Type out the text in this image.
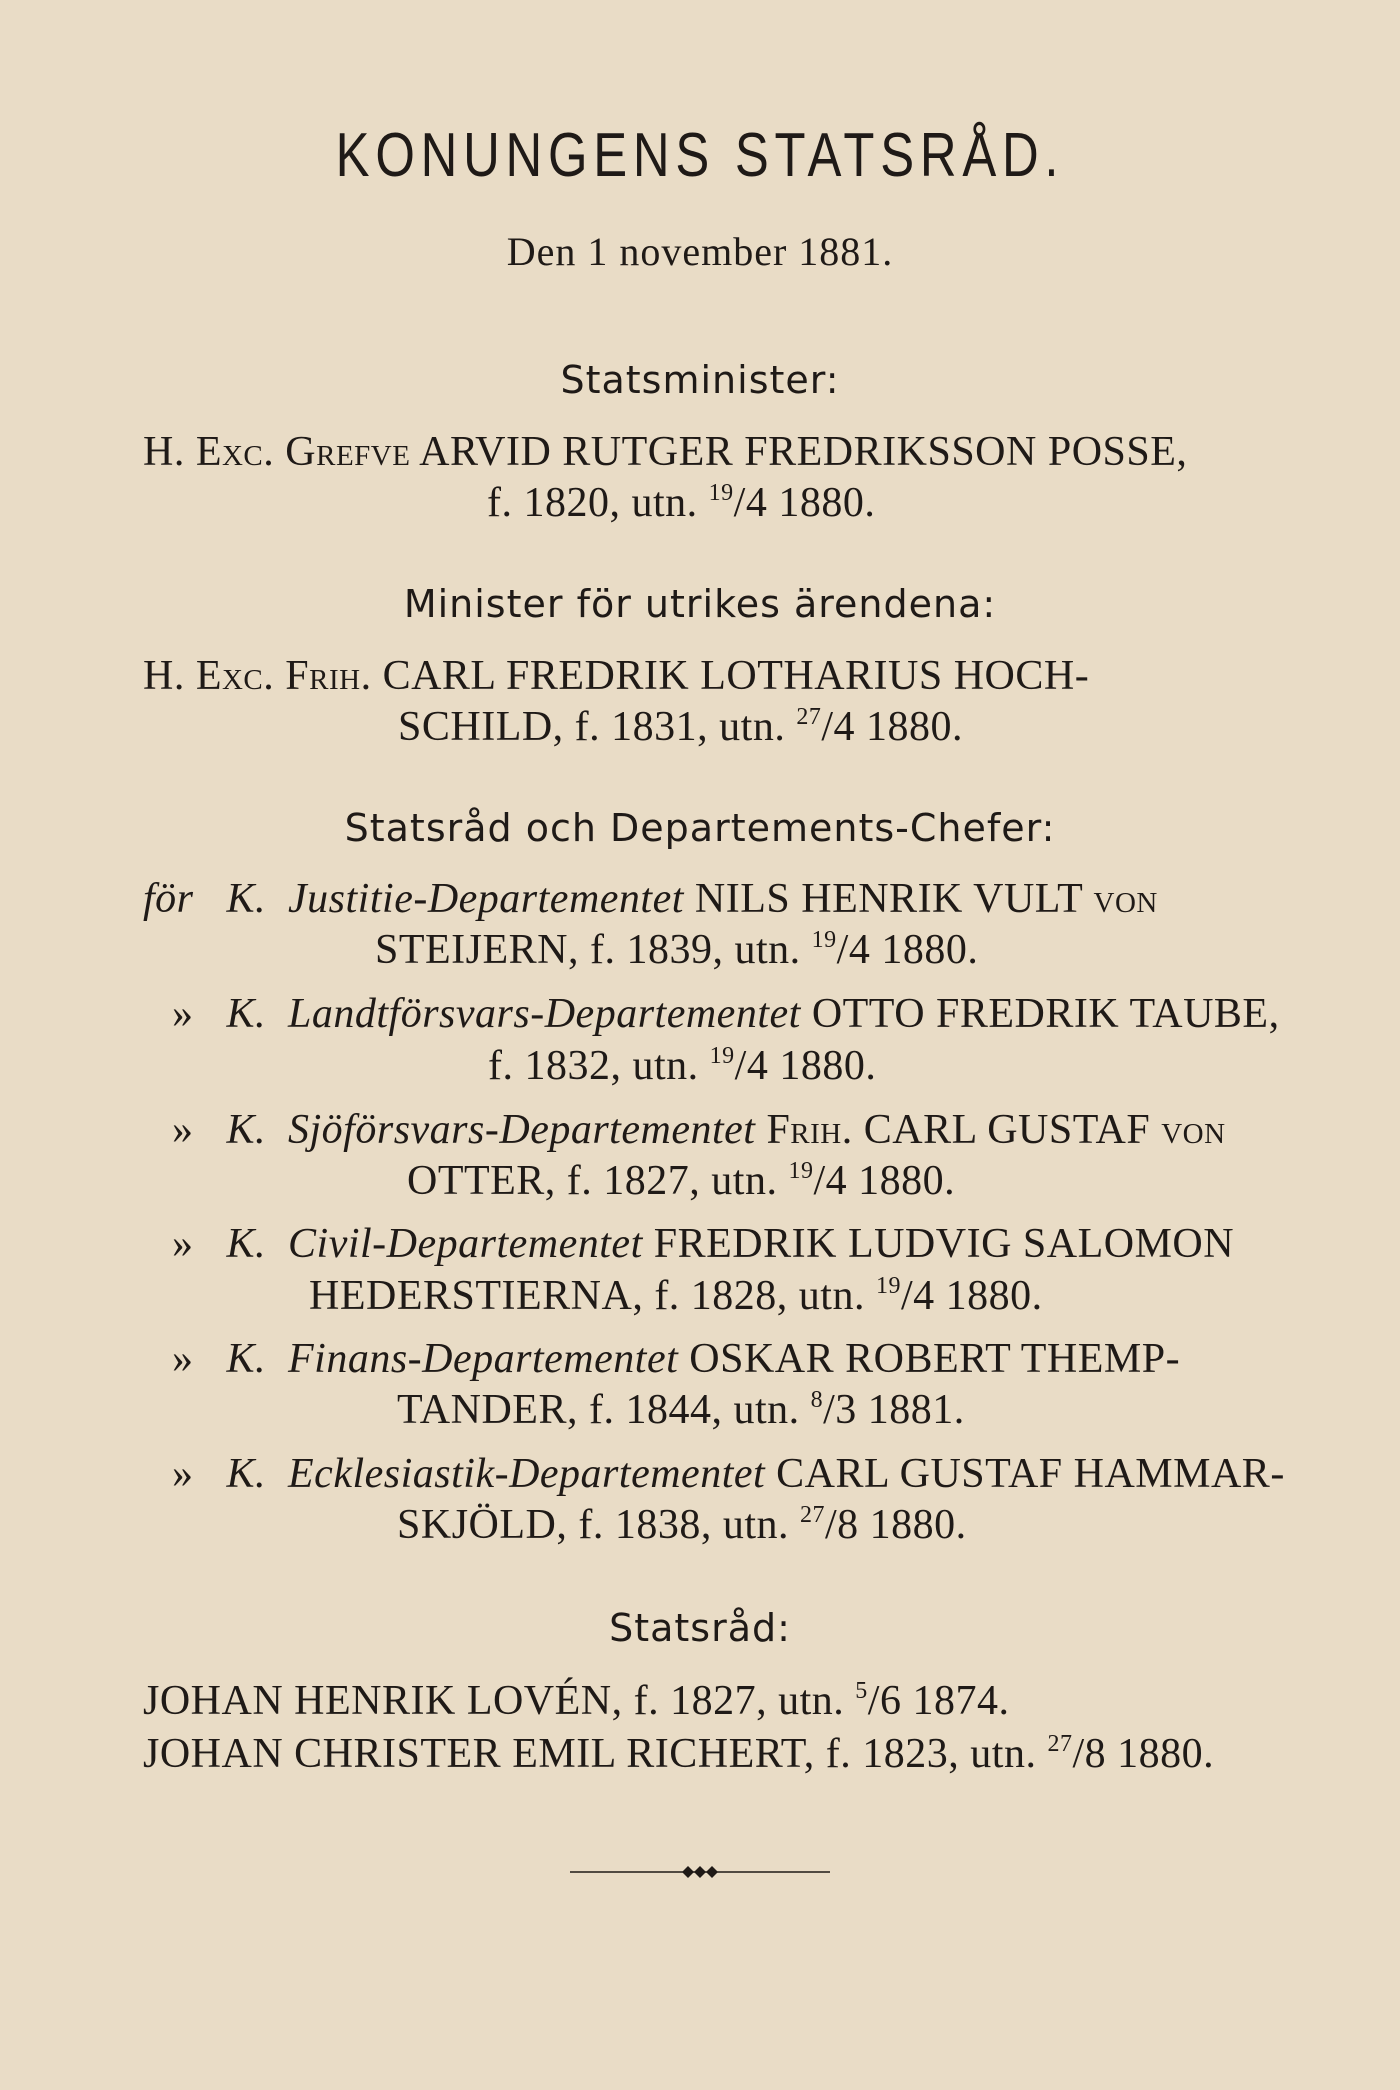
KONUNGENS STATSRÅD.
Den 1 november 1881.
Statsminister:
H. Exc. Grefve ARVID RUTGER FREDRIKSSON POSSE,
f. 1820, utn. $^{19}$/4 1880.
Minister för utrikes ärendena:
H. Exc. Frih. CARL FREDRIK LOTHARIUS HOCH-
SCHILD, f. 1831, utn. $^{27}$/4 1880.
Statsråd och Departements-Chefer:
för K. Justitie-Departementet NILS HENRIK VULT von
STEIJERN, f. 1839, utn. $^{19}$/4 1880.
» K. Landtförsvars-Departementet OTTO FREDRIK TAUBE,
f. 1832, utn. $^{19}$/4 1880.
» K. Sjöförsvars-Departementet Frih. CARL GUSTAF von
OTTER, f. 1827, utn. $^{19}$/4 1880.
» K. Civil-Departementet FREDRIK LUDVIG SALOMON
HEDERSTIERNA, f. 1828, utn. $^{19}$/4 1880.
» K. Finans-Departementet OSKAR ROBERT THEMP-
TANDER, f. 1844, utn. $^8$/3 1881.
» K. Ecklesiastik-Departementet CARL GUSTAF HAMMAR-
SKJÖLD, f. 1838, utn. $^{27}$/8 1880.
Statsråd:
JOHAN HENRIK LOVÉN, f. 1827, utn. $^5$/6 1874.
JOHAN CHRISTER EMIL RICHERT, f. 1823, utn. $^{27}$/8 1880.
